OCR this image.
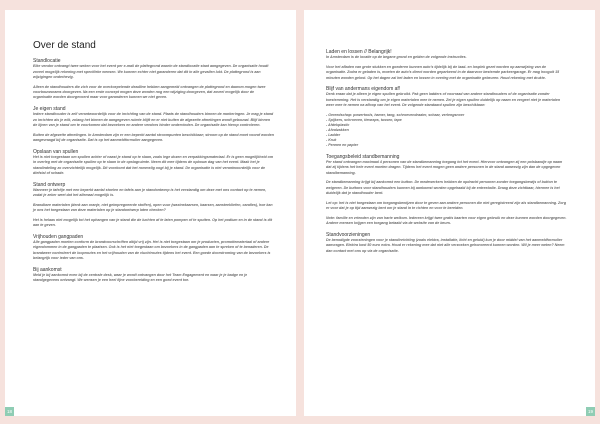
Over de stand
Standlocatie

Elke vendor ontvangt twee weken voor het event per e-mail de plattegrond waarin de standlocatie staat aangegeven. De organisatie houdt zoveel mogelijk rekening met specifieke wensen. We kunnen echter niet garanderen dat dit in alle gevallen lukt. De plattegrond is aan wijzigingen onderhevig.

Alleen de standhouders die zich voor de overkoepelende deadline hebben aangemeld ontvangen de plattegrond en daarom mogen twee voorbouwsnams doorgeven. Na een erste concept mogen deze worden nog een wijziging doorgeven, dat zoveel mogelijk door de organisatie worden doorgevoerd maar voor garanderen kunnen we niet geven.

Je eigen stand

Iedere standhouder is zelf verantwoordelijk voor de inrichting van de stand. Plaats de standhouders binnen de markeringen. Je mag je stand zo inrichten als je wilt, zolang het binnen de aangegeven ruimte blijft en er niet buiten de afgezette afmetingen wordt gebouwd. Blijf binnen de lijnen van je stand om te voorkomen dat bezoekers en andere vendors hinder ondervinden. De organisatie kan hierop controleren.

Buiten de afgezette afmetingen. In Amsterdam zijn er een beperkt aantal stroompunten beschikbaar; stroom op de stand moet vooraf worden aangevraagd bij de organisatie. Dat is op het aanmeldformulier aangegeven.

Opslaan van spullen

Het is niet toegestaan om spullen achter of naast je stand op te slaan, zoals lege dozen en verpakkingsmateriaal. Er is geen mogelijkheid om in overleg met de organisatie spullen op te slaan in de opslagruimte. Neem dit mee tijdens de opbouw dag van het event. Maak het je standindeling zo overzichtelijk mogelijk. Dit voorkomt dat het rommelig oogt bij je stand. De organisatie is niet verantwoordelijk voor de diefstal of schade.

Stand ontwerp

Wanneer je tafeltje met een beperkt aantal stoelen en tafels aan je standontwerp is het verstandig om deze met ons contact op te nemen, zodat je zeker weet dat het allemaal mogelijk is.

Brandbare materialen (denk aan oranje, niet geimpregneerde stoffen), open vuur (waxinekaarsen, kaarsen, aansteekliefen, candles), hoe kan je ons het toegestaan van deze materialen op je standontwerp laten checken?

Het is helaas niet mogelijk tot het ophangen van je stand die de luchten af te laten pompen of te spuiten. Op het podium en in de stand is dit aan te geven.

Vrijhouden gangpaden

Alle gangpaden moeten conform de brandvoorschriften altijd vrij zijn. Het is niet toegestaan om je producten, promotiemateriaal of andere eigendommen in de gangpaden te plaatsen. Ook is het niet toegestaan om bezoekers in de gangpaden aan te spreken of te benaderen. De brandweer controleert de looproutes en het vrijhouden van de vluchtroutes tijdens het event. Een goede doorstroming van de bezoekers is belangrijk voor ieder van ons.

Bij aankomst

Meld je bij aankomst even bij de centrale desk, waar je wordt ontvangen door het Team Engagement en waar je je badge en je standgegevens ontvangt. We wensen je een heel fijne voorbereiding en een goed event toe.

18
Laden en lossen // Belangrijk!

In Amsterdam is de locatie op de begane grond en gelden de volgende instructies.

Voor het afladen van grote stukken en goederen kunnen auto's tijdelijk bij de laad- en losplek gezet worden op aanwijzing van de organisatie. Zodra er geladen is, moeten de auto's direct worden geparkeerd in de daarvoor bestemde parkeergarage. Er mag hooguit 15 minuten worden gelost. Op het dagen zal het laden en lossen in overleg met de organisatie gebeuren. Houd rekening met drukte.

Blijf van andermans eigendom af!

Denk eraan dat je alleen je eigen spullen gebruikt. Pak geen ladders of voorraad van andere standhouders of de organisatie zonder toestemming. Het is verstandig om je eigen materialen mee te nemen. Zet je eigen spullen duidelijk op naam en vergeet niet je materialen weer mee te nemen na afloop van het event. De volgende standaard spullen zijn beschikbaar:

- Gereedschap: powertools, hamer, tang, schroevendraaier, schaar, verlengsnoer
- Spijkers, schroeven, tiewraps, tussen, tape
- Afdekplastic
- Afvalzakken
- Ladder
- Kruk
- Pennen en papier
Toegangsbeleid standbemanning

Per stand ontvangen maximaal 4 personen van de standbemanning toegang tot het event. Hiervoor ontvangen zij een polsbandje op naam dat zij tijdens het hele event moeten dragen. Tijdens het event mogen geen andere personen in de stand aanwezig zijn dan de opgegeven standbemanning.

De standbemanning krijgt bij aankomst een button. De medewerkers hebben de opdracht personen zonder toegangsbewijs of button te weigeren. De buttons voor standhouders kunnen bij aankomst worden opgehaald bij de entreebalie. Draag deze zichtbaar, hiermee is het duidelijk dat je standhouder bent.

Let op: het is niet toegestaan om toegangsbewijzen door te geven aan andere personen die niet geregistreerd zijn als standbemanning. Zorg er voor dat je op tijd aanwezig bent om je stand in te richten en voor te bereiden.

Note: familie en vrienden zijn van harte welkom. Iedereen krijgt twee gratis kaarten voor eigen gebruik en deze kunnen worden doorgegeven. Andere mensen krijgen een toegang betaald via de website van de beurs.

Standvoorzieningen

De benodigde voorzieningen voor je standinrichting (zoals elektra, installatie, licht en geluid) kun je door middel van het aanmeldformulier aanvragen. Elektra kost 50 euro extra. Houd er rekening mee dat niet alle verzoeken gehonoreerd kunnen worden. Wil je meer weten? Neem dan contact met ons op via de organisatie.

19
